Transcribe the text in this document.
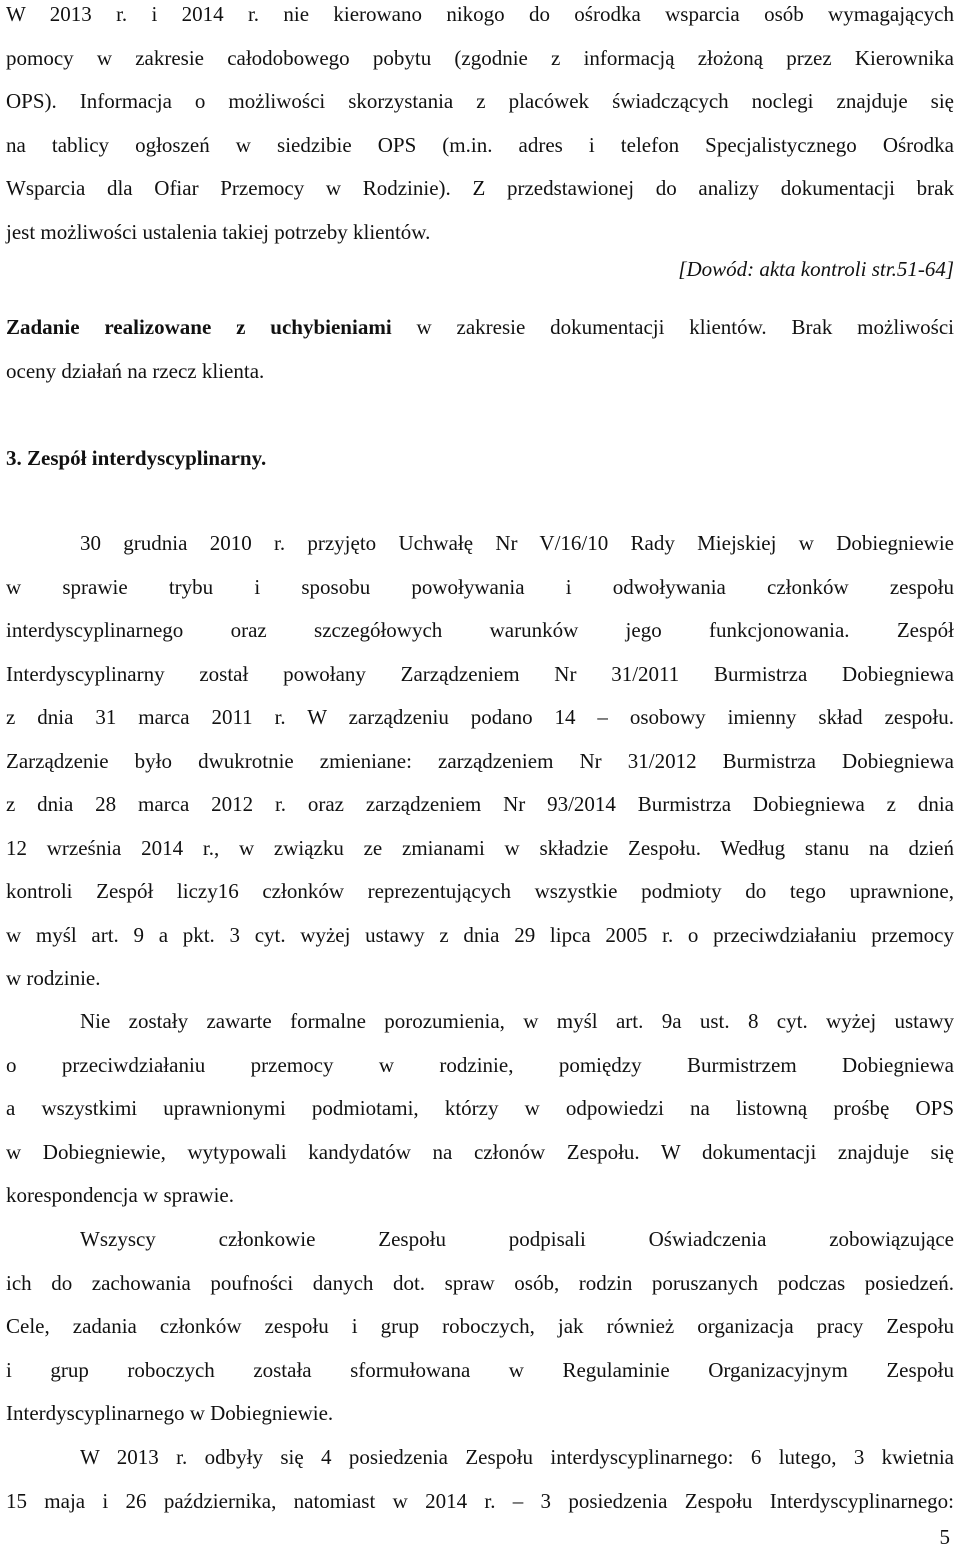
W 2013 r. i 2014 r. nie kierowano nikogo do ośrodka wsparcia osób wymagających
pomocy w zakresie całodobowego pobytu (zgodnie z informacją złożoną przez Kierownika
OPS). Informacja o możliwości skorzystania z placówek świadczących noclegi znajduje się
na tablicy ogłoszeń w siedzibie OPS (m.in. adres i telefon Specjalistycznego Ośrodka
Wsparcia dla Ofiar Przemocy w Rodzinie). Z przedstawionej do analizy dokumentacji brak
jest możliwości ustalenia takiej potrzeby klientów.
[Dowód: akta kontroli str.51-64]
Zadanie realizowane z uchybieniami w zakresie dokumentacji klientów. Brak możliwości
oceny działań na rzecz klienta.
3. Zespół interdyscyplinarny.
30 grudnia 2010 r. przyjęto Uchwałę Nr V/16/10 Rady Miejskiej w Dobiegniewie
w sprawie trybu i sposobu powoływania i odwoływania członków zespołu
interdyscyplinarnego oraz szczegółowych warunków jego funkcjonowania. Zespół
Interdyscyplinarny został powołany Zarządzeniem Nr 31/2011 Burmistrza Dobiegniewa
z dnia 31 marca 2011 r. W zarządzeniu podano 14 – osobowy imienny skład zespołu.
Zarządzenie było dwukrotnie zmieniane: zarządzeniem Nr 31/2012 Burmistrza Dobiegniewa
z dnia 28 marca 2012 r. oraz zarządzeniem Nr 93/2014 Burmistrza Dobiegniewa z dnia
12 września 2014 r., w związku ze zmianami w składzie Zespołu. Według stanu na dzień
kontroli Zespół liczy16 członków reprezentujących wszystkie podmioty do tego uprawnione,
w myśl art. 9 a pkt. 3 cyt. wyżej ustawy z dnia 29 lipca 2005 r. o przeciwdziałaniu przemocy
w rodzinie.
Nie zostały zawarte formalne porozumienia, w myśl art. 9a ust. 8 cyt. wyżej ustawy
o przeciwdziałaniu przemocy w rodzinie, pomiędzy Burmistrzem Dobiegniewa
a wszystkimi uprawnionymi podmiotami, którzy w odpowiedzi na listowną prośbę OPS
w Dobiegniewie, wytypowali kandydatów na członów Zespołu. W dokumentacji znajduje się
korespondencja w sprawie.
Wszyscy członkowie Zespołu podpisali Oświadczenia zobowiązujące
ich do zachowania poufności danych dot. spraw osób, rodzin poruszanych podczas posiedzeń.
Cele, zadania członków zespołu i grup roboczych, jak również organizacja pracy Zespołu
i grup roboczych została sformułowana w Regulaminie Organizacyjnym Zespołu
Interdyscyplinarnego w Dobiegniewie.
W 2013 r. odbyły się 4 posiedzenia Zespołu interdyscyplinarnego: 6 lutego, 3 kwietnia
15 maja i 26 października, natomiast w 2014 r. – 3 posiedzenia Zespołu Interdyscyplinarnego:
5
